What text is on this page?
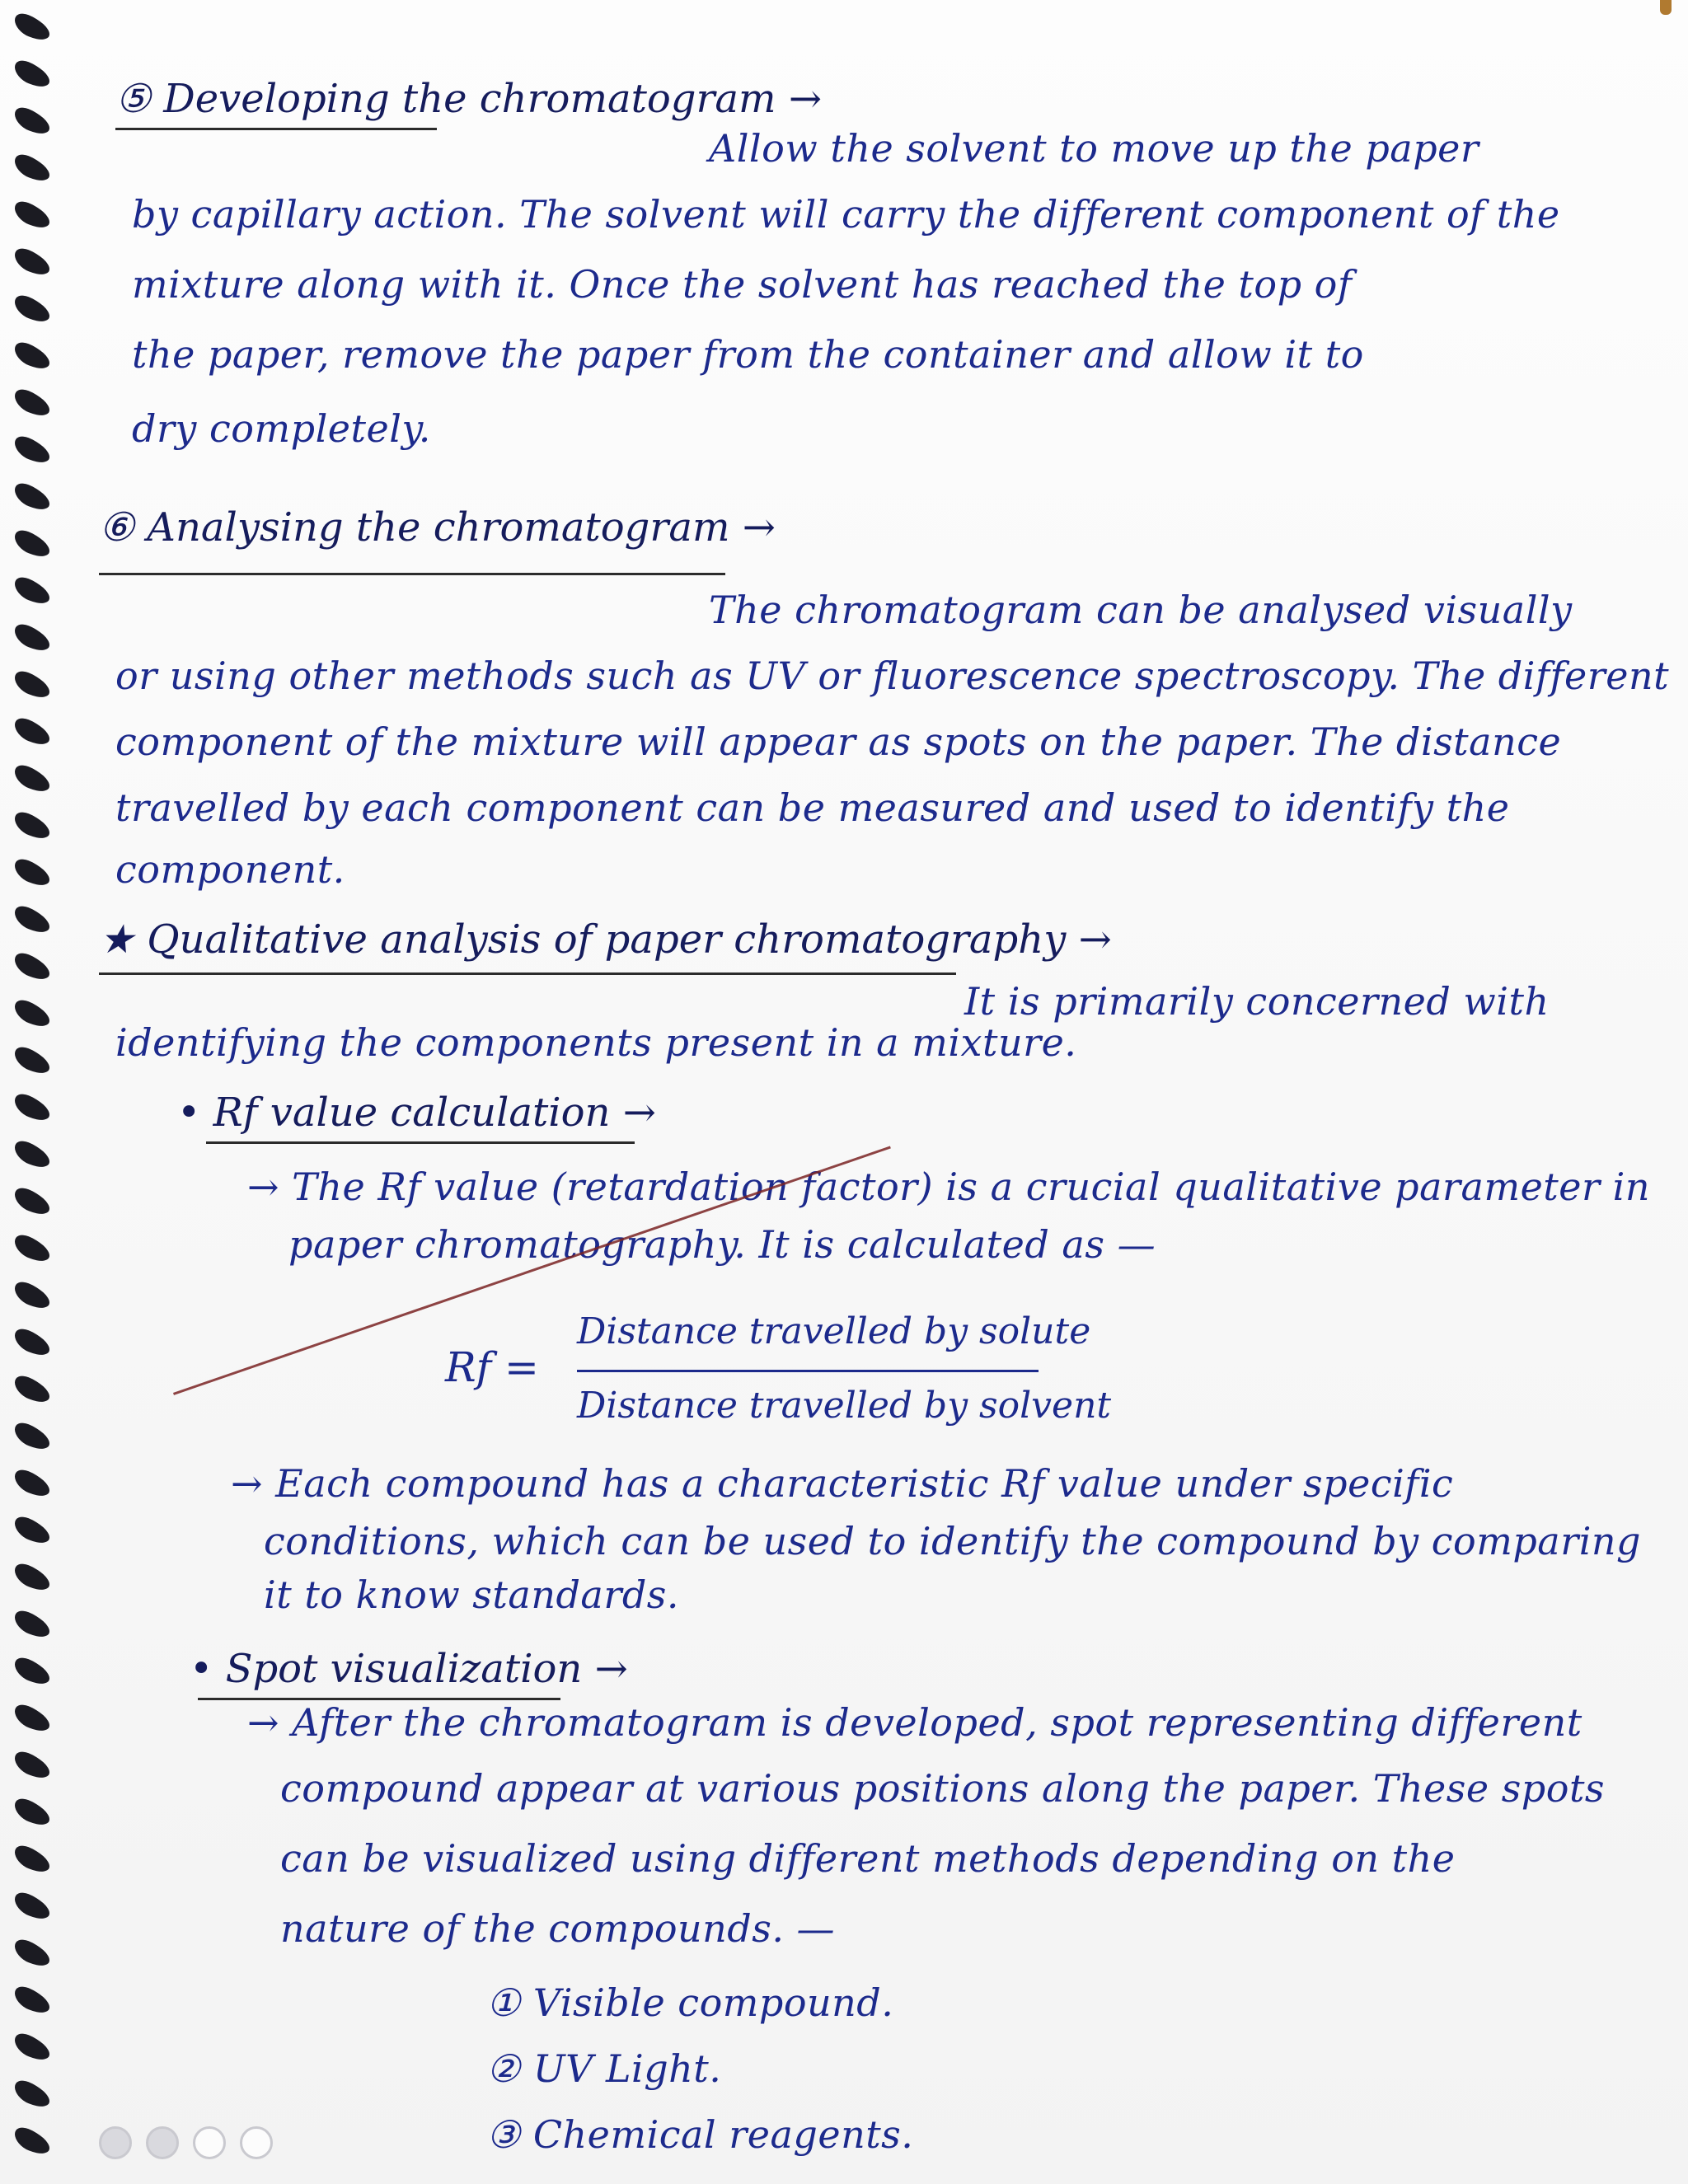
⑤ Developing the chromatogram →
Allow the solvent to move up the paper
by capillary action. The solvent will carry the different component of the
mixture along with it. Once the solvent has reached the top of
the paper, remove the paper from the container and allow it to
dry completely.
⑥ Analysing the chromatogram →
The chromatogram can be analysed visually
or using other methods such as UV or fluorescence spectroscopy. The different
component of the mixture will appear as spots on the paper. The distance
travelled by each component can be measured and used to identify the
component.
★ Qualitative analysis of paper chromatography →
It is primarily concerned with
identifying the components present in a mixture.
• Rf value calculation →
→ The Rf value (retardation factor) is a crucial qualitative parameter in
paper chromatography. It is calculated as —
Rf =
Distance travelled by solute
Distance travelled by solvent
→ Each compound has a characteristic Rf value under specific
conditions, which can be used to identify the compound by comparing
it to know standards.
• Spot visualization →
→ After the chromatogram is developed, spot representing different
compound appear at various positions along the paper. These spots
can be visualized using different methods depending on the
nature of the compounds. —
① Visible compound.
② UV Light.
③ Chemical reagents.
